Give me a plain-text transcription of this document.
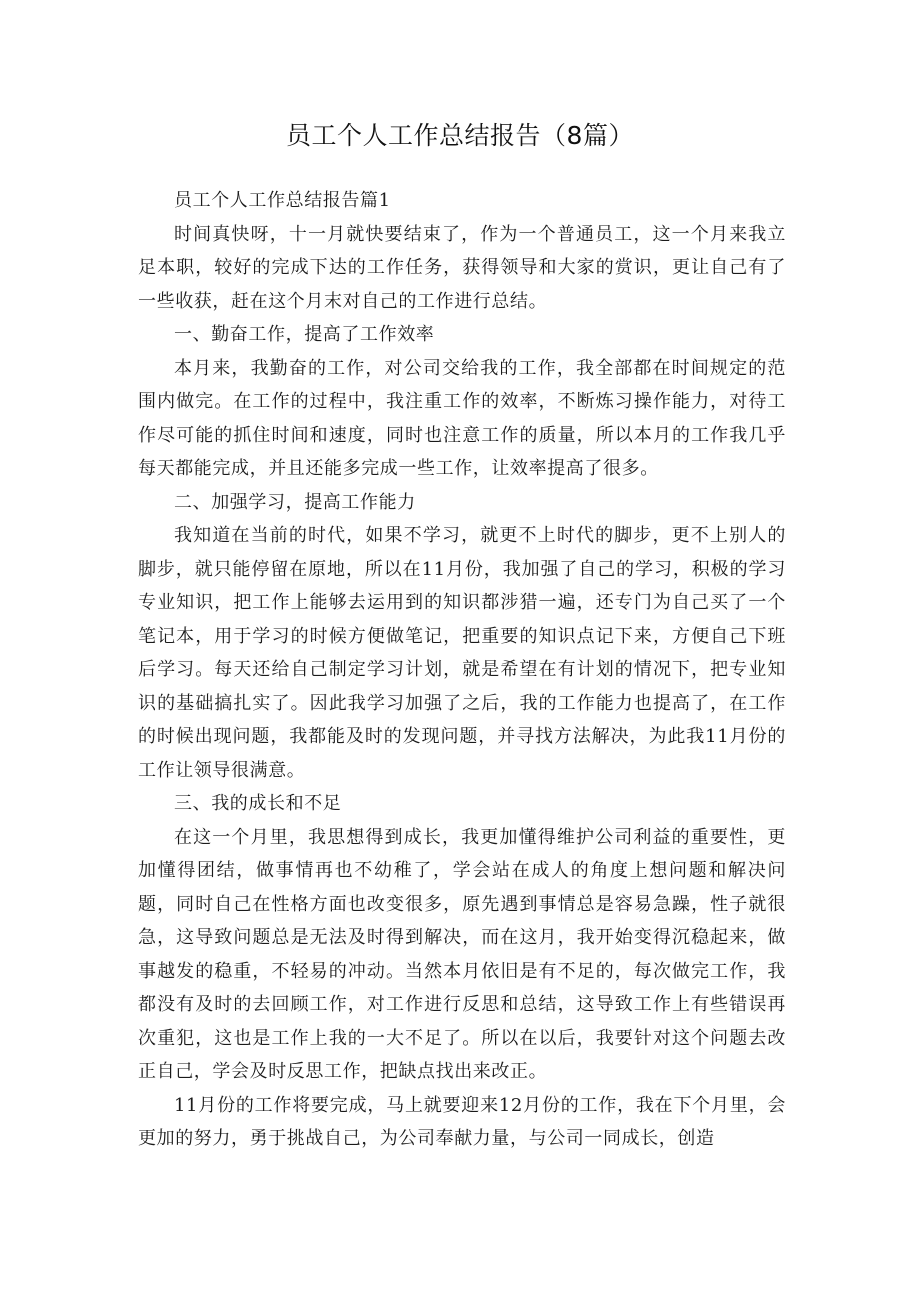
员工个人工作总结报告（8篇）

员工个人工作总结报告篇1

时间真快呀，十一月就快要结束了，作为一个普通员工，这一个月来我立足本职，较好的完成下达的工作任务，获得领导和大家的赏识，更让自己有了一些收获，赶在这个月末对自己的工作进行总结。

一、勤奋工作，提高了工作效率

本月来，我勤奋的工作，对公司交给我的工作，我全部都在时间规定的范围内做完。在工作的过程中，我注重工作的效率，不断炼习操作能力，对待工作尽可能的抓住时间和速度，同时也注意工作的质量，所以本月的工作我几乎每天都能完成，并且还能多完成一些工作，让效率提高了很多。

二、加强学习，提高工作能力

我知道在当前的时代，如果不学习，就更不上时代的脚步，更不上别人的脚步，就只能停留在原地，所以在11月份，我加强了自己的学习，积极的学习专业知识，把工作上能够去运用到的知识都涉猎一遍，还专门为自己买了一个笔记本，用于学习的时候方便做笔记，把重要的知识点记下来，方便自己下班后学习。每天还给自己制定学习计划，就是希望在有计划的情况下，把专业知识的基础搞扎实了。因此我学习加强了之后，我的工作能力也提高了，在工作的时候出现问题，我都能及时的发现问题，并寻找方法解决，为此我11月份的工作让领导很满意。

三、我的成长和不足

在这一个月里，我思想得到成长，我更加懂得维护公司利益的重要性，更加懂得团结，做事情再也不幼稚了，学会站在成人的角度上想问题和解决问题，同时自己在性格方面也改变很多，原先遇到事情总是容易急躁，性子就很急，这导致问题总是无法及时得到解决，而在这月，我开始变得沉稳起来，做事越发的稳重，不轻易的冲动。当然本月依旧是有不足的，每次做完工作，我都没有及时的去回顾工作，对工作进行反思和总结，这导致工作上有些错误再次重犯，这也是工作上我的一大不足了。所以在以后，我要针对这个问题去改正自己，学会及时反思工作，把缺点找出来改正。

11月份的工作将要完成，马上就要迎来12月份的工作，我在下个月里，会更加的努力，勇于挑战自己，为公司奉献力量，与公司一同成长，创造
